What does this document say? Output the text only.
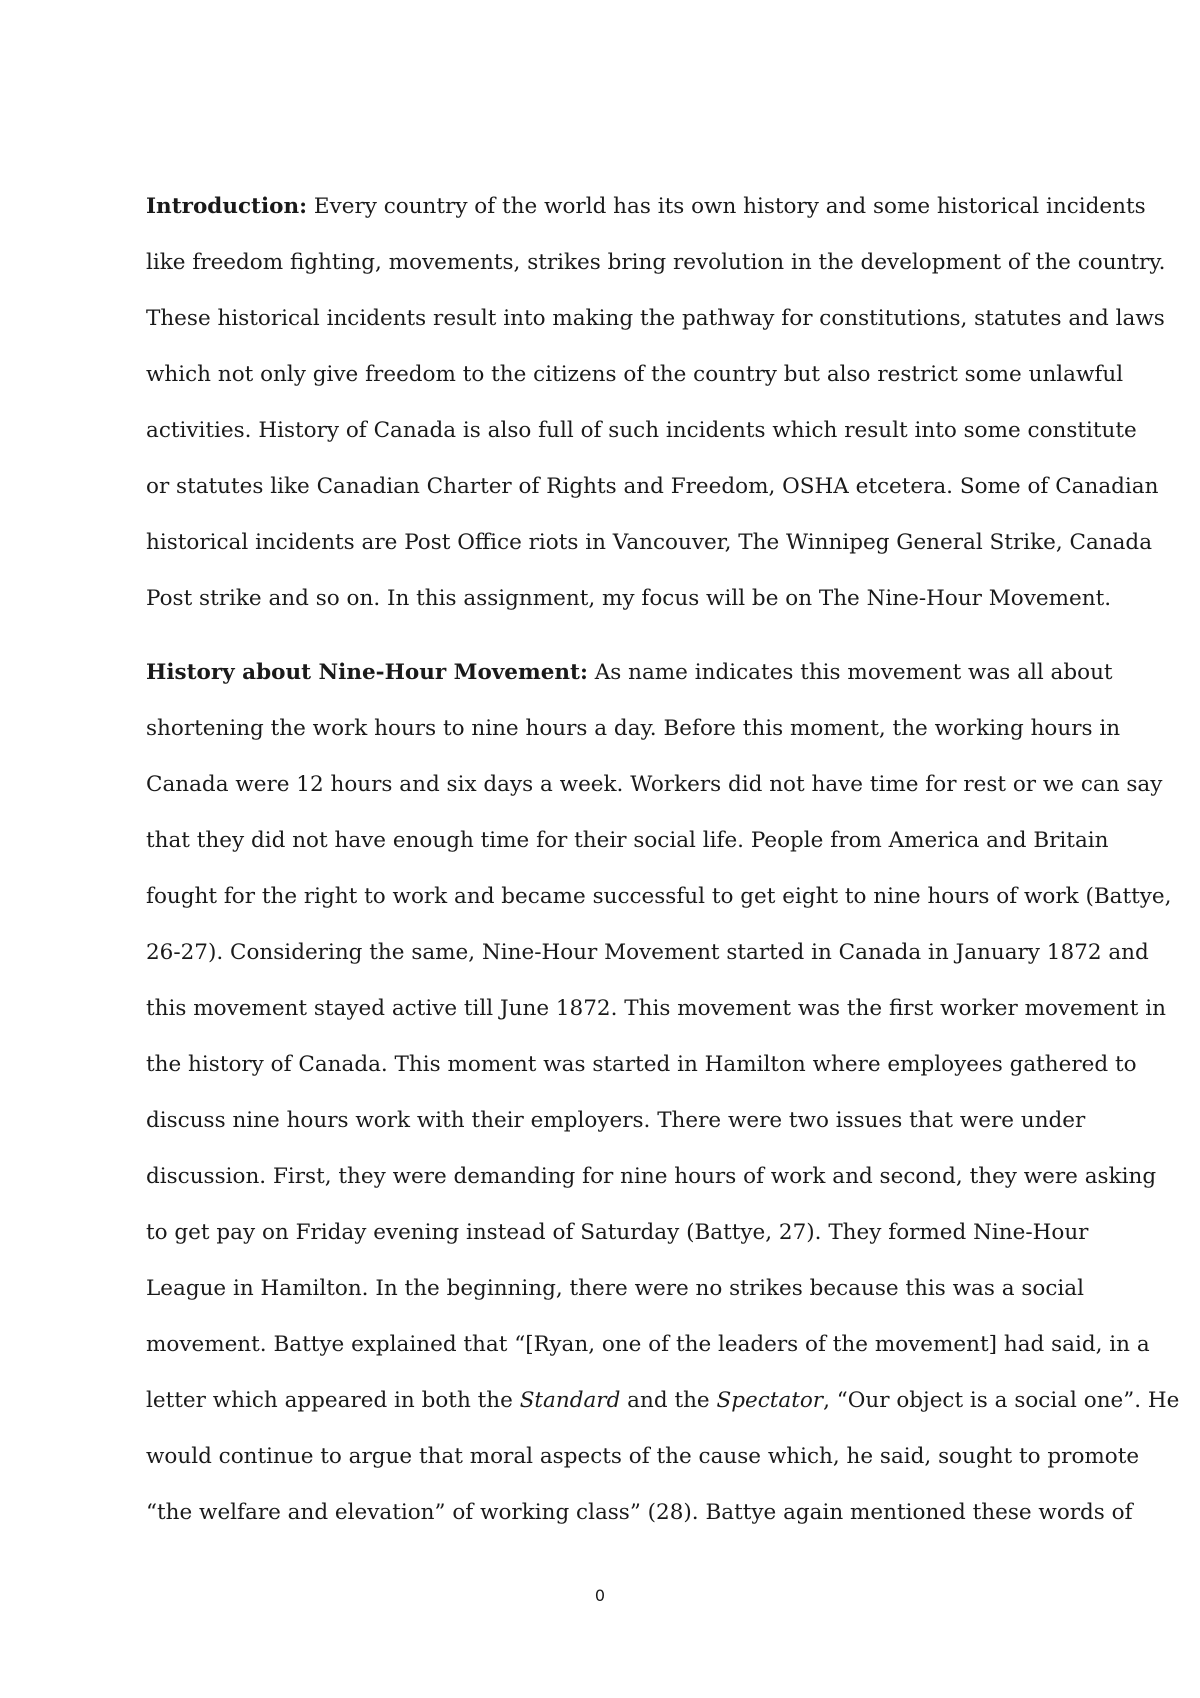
Introduction: Every country of the world has its own history and some historical incidents
like freedom fighting, movements, strikes bring revolution in the development of the country.
These historical incidents result into making the pathway for constitutions, statutes and laws
which not only give freedom to the citizens of the country but also restrict some unlawful
activities. History of Canada is also full of such incidents which result into some constitute
or statutes like Canadian Charter of Rights and Freedom, OSHA etcetera. Some of Canadian
historical incidents are Post Office riots in Vancouver, The Winnipeg General Strike, Canada
Post strike and so on. In this assignment, my focus will be on The Nine-Hour Movement.
History about Nine-Hour Movement: As name indicates this movement was all about
shortening the work hours to nine hours a day. Before this moment, the working hours in
Canada were 12 hours and six days a week. Workers did not have time for rest or we can say
that they did not have enough time for their social life. People from America and Britain
fought for the right to work and became successful to get eight to nine hours of work (Battye,
26-27). Considering the same, Nine-Hour Movement started in Canada in January 1872 and
this movement stayed active till June 1872. This movement was the first worker movement in
the history of Canada. This moment was started in Hamilton where employees gathered to
discuss nine hours work with their employers. There were two issues that were under
discussion. First, they were demanding for nine hours of work and second, they were asking
to get pay on Friday evening instead of Saturday (Battye, 27). They formed Nine-Hour
League in Hamilton. In the beginning, there were no strikes because this was a social
movement. Battye explained that “[Ryan, one of the leaders of the movement] had said, in a
letter which appeared in both the Standard and the Spectator, “Our object is a social one”. He
would continue to argue that moral aspects of the cause which, he said, sought to promote
“the welfare and elevation” of working class” (28). Battye again mentioned these words of
0
